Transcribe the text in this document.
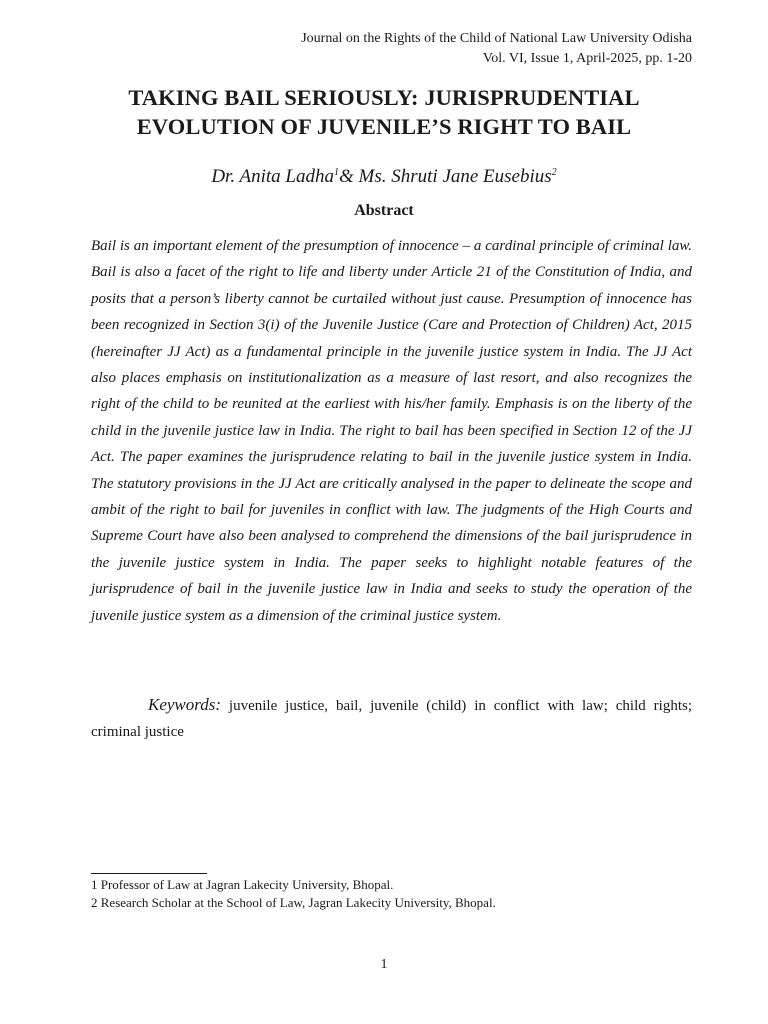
Journal on the Rights of the Child of National Law University Odisha
Vol. VI, Issue 1, April-2025, pp. 1-20
TAKING BAIL SERIOUSLY: JURISPRUDENTIAL
EVOLUTION OF JUVENILE’S RIGHT TO BAIL
Dr. Anita Ladha$^1$& Ms. Shruti Jane Eusebius$^2$
Abstract

Bail is an important element of the presumption of innocence – a cardinal principle of criminal law. Bail is also a facet of the right to life and liberty under Article 21 of the Constitution of India, and posits that a person’s liberty cannot be curtailed without just cause. Presumption of innocence has been recognized in Section 3(i) of the Juvenile Justice (Care and Protection of Children) Act, 2015 (hereinafter JJ Act) as a fundamental principle in the juvenile justice system in India. The JJ Act also places emphasis on institutionalization as a measure of last resort, and also recognizes the right of the child to be reunited at the earliest with his/her family. Emphasis is on the liberty of the child in the juvenile justice law in India. The right to bail has been specified in Section 12 of the JJ Act. The paper examines the jurisprudence relating to bail in the juvenile justice system in India. The statutory provisions in the JJ Act are critically analysed in the paper to delineate the scope and ambit of the right to bail for juveniles in conflict with law. The judgments of the High Courts and Supreme Court have also been analysed to comprehend the dimensions of the bail jurisprudence in the juvenile justice system in India. The paper seeks to highlight notable features of the jurisprudence of bail in the juvenile justice law in India and seeks to study the operation of the juvenile justice system as a dimension of the criminal justice system.

Keywords: juvenile justice, bail, juvenile (child) in conflict with law; child rights; criminal justice

1 Professor of Law at Jagran Lakecity University, Bhopal.
2 Research Scholar at the School of Law, Jagran Lakecity University, Bhopal.
1
